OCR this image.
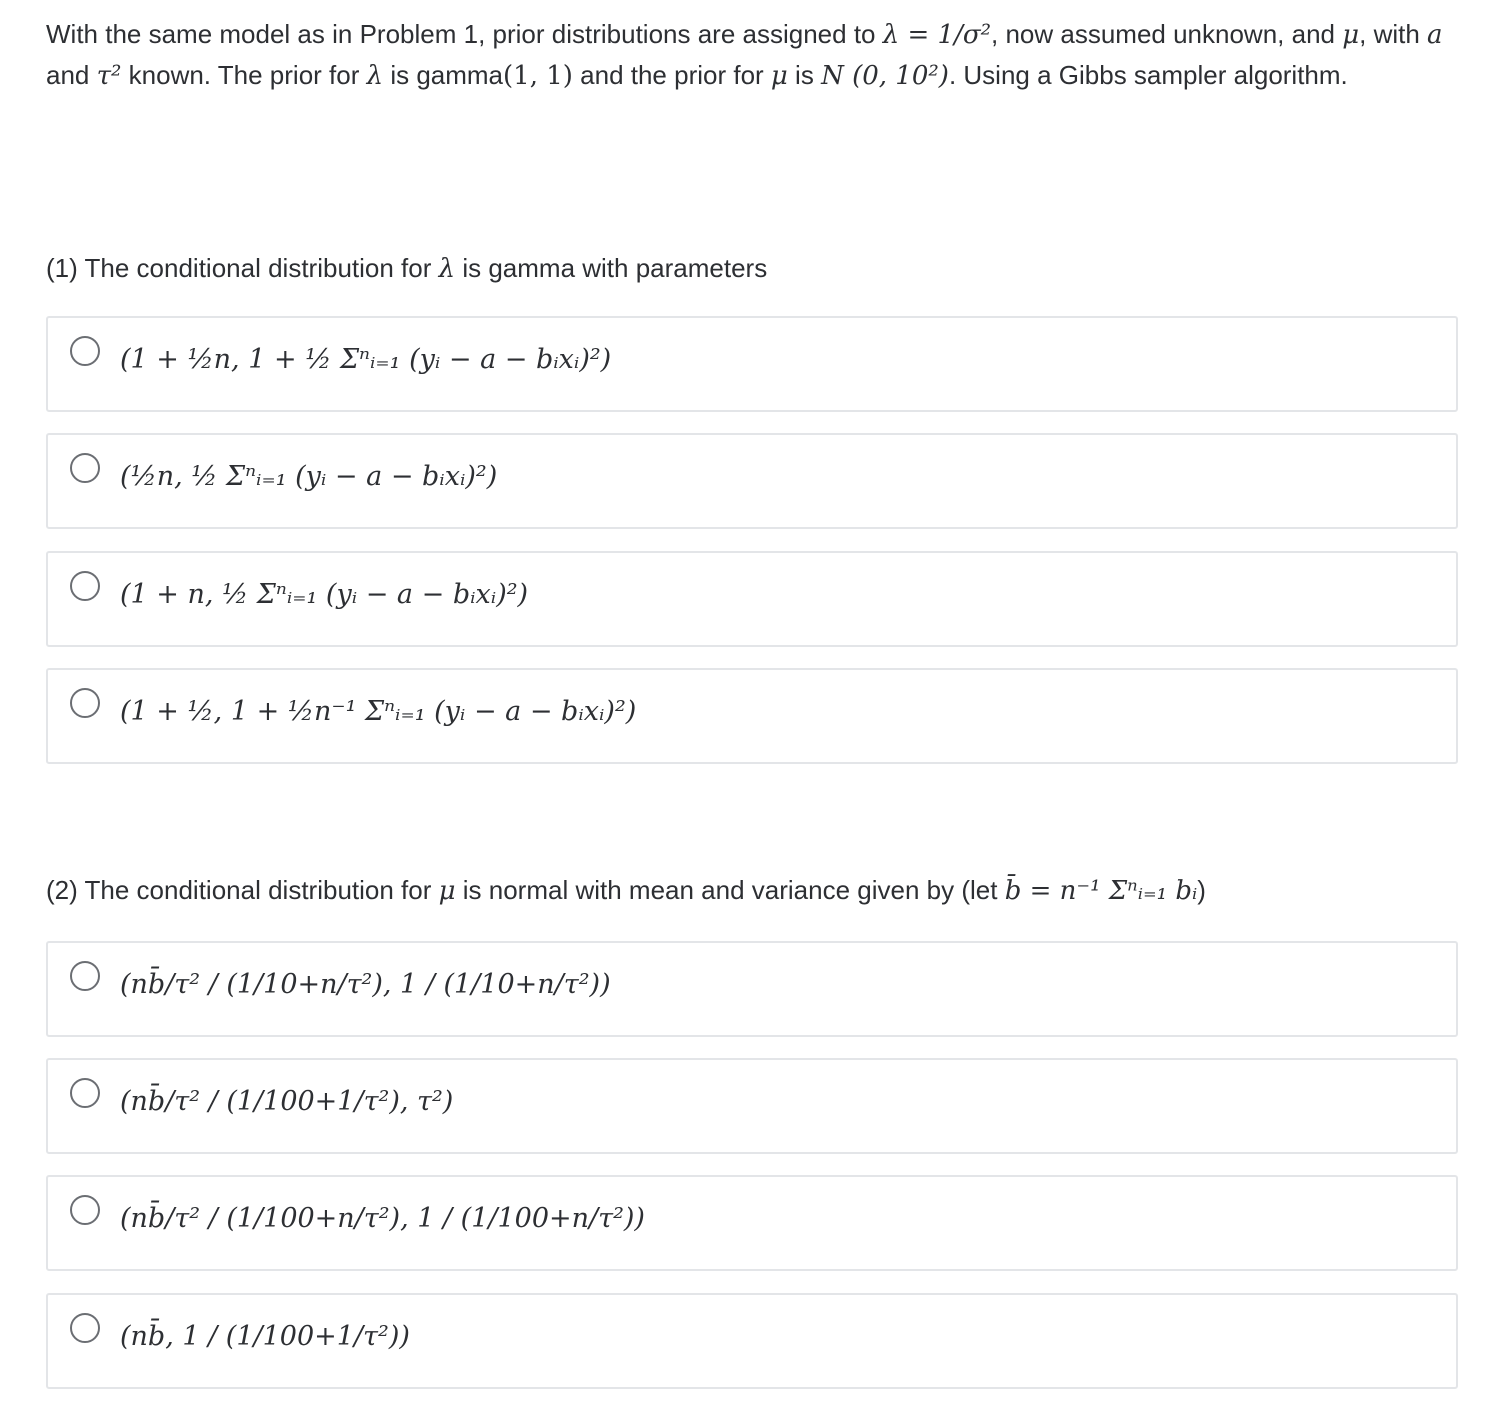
With the same model as in Problem 1, prior distributions are assigned to λ = 1/σ², now assumed unknown, and μ, with a and τ² known. The prior for λ is gamma(1, 1) and the prior for μ is N (0, 10²). Using a Gibbs sampler algorithm.

(1) The conditional distribution for λ is gamma with parameters
(1 + ½n, 1 + ½ Σⁿᵢ₌₁ (yᵢ − a − bᵢxᵢ)²)
(½n, ½ Σⁿᵢ₌₁ (yᵢ − a − bᵢxᵢ)²)
(1 + n, ½ Σⁿᵢ₌₁ (yᵢ − a − bᵢxᵢ)²)
(1 + ½, 1 + ½n⁻¹ Σⁿᵢ₌₁ (yᵢ − a − bᵢxᵢ)²)
(2) The conditional distribution for μ is normal with mean and variance given by (let b̄ = n⁻¹ Σⁿᵢ₌₁ bᵢ)
(nb̄/τ² / (1/10+n/τ²), 1 / (1/10+n/τ²))
(nb̄/τ² / (1/100+1/τ²), τ²)
(nb̄/τ² / (1/100+n/τ²), 1 / (1/100+n/τ²))
(nb̄, 1 / (1/100+1/τ²))
